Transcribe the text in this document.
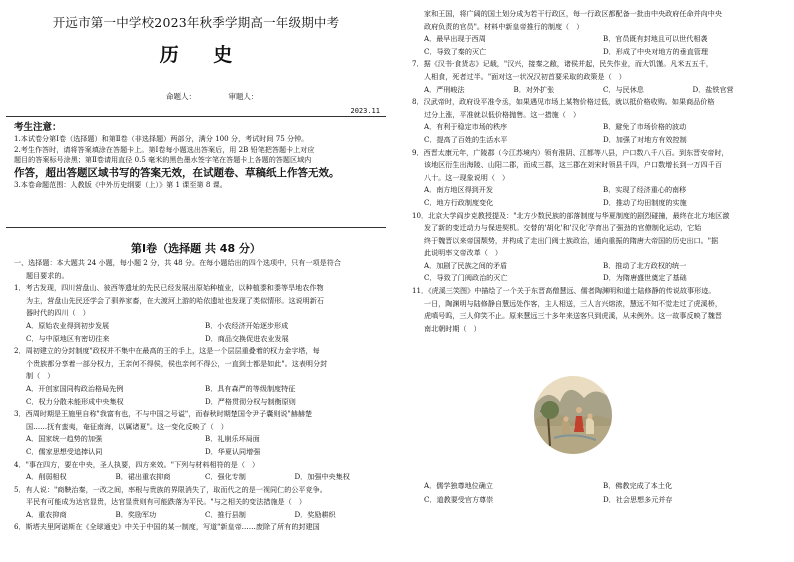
开远市第一中学校2023年秋季学期高一年级期中考
历 史
命题人：	审题人：
2023.11
考生注意：

1.本试卷分第Ⅰ卷（选择题）和第Ⅱ卷（非选择题）两部分，满分 100 分，考试时间 75 分钟。

2.考生作答时，请将答案填涂在答题卡上。第Ⅰ卷每小题选出答案后，用 2B 铅笔把答题卡上对应

题目的答案标号涂黑；第Ⅱ卷请用直径 0.5 毫米的黑色墨水签字笔在答题卡上各题的答题区域内

作答，超出答题区域书写的答案无效，在试题卷、草稿纸上作答无效。

3.本卷命题范围：人教版《中外历史纲要（上）》第 1 课至第 8 课。

第Ⅰ卷（选择题 共 48 分）

一、选择题：本大题共 24 小题，每小题 2 分，共 48 分。在每小题给出的四个选项中，只有一项是符合

题目要求的。

1．考古发现，四川营盘山、彼西等遗址的先民已经发展出原始种植业，以种植黍和黍等旱地农作物

为主，营盘山先民还学会了驯养家畜，在大渡河上游的哈依遗址也发现了类似情形。这说明新石

器时代的四川（　）

A．原始农业得到初步发展	B．小农经济开始逐步形成
C．与中原地区有密切往来	D．商品交换促进农业发展

2．周初建立的分封制度"政权并不集中在最高的王的手上，这是一个层层重叠着的权力金字塔，每

个贵族都分享着一部分权力，王亲何不得侯，侯也亲何不得公，一直到士都是如此"。这表明分封

制（　）

A．开创家国同构政治格局先例	B．具有森严的等级制度特征
C．权力分散未能形成中央集权	D．严格贯彻分权与制衡原则

3．西周时期是王施里自称"我富有也，不与中国之号谥"，而春秋时期楚国令尹子囊则说"赫赫楚

国……抚有蛮夷，奄征南海，以属诸夏"。这一变化反映了（　）

A．国家统一趋势的加强	B．礼崩乐坏局面
C．儒家思想受追捧认同	D．华夏认同增强

4．"事在四方，要在中央，圣人执要，四方来效。"下列与材料相符的是（　）

A．削弱相权	B．裙出重农抑商	C．强化专制	D．加强中央集权

5．有人说："商鞅治秦，一改之间，率根与贵族的界限消失了，取而代之的是一视同仁的公平竞争。

平民有可能成为达官显贵，达官显贵则有可能跌落为平民。"与之相关的变法措施是（　）

A．重农抑商	B．奖励军功	C．推行县制	D．奖励耕织

6．斯塔夫里阿诺斯在《全球通史》中关于中国的某一制度，写道"新皇帝……废除了所有的封建国

家和王国，将广阔的国土划分成为若干行政区，每一行政区都配备一批由中央政府任命并向中央

政府负责的官员"。材料中新皇帝推行的制度（　）

A．最早出现于西周	B．官员既有封地且可以世代相袭
C．导致了秦的灭亡	D．形成了中央对地方的垂直管理

7．据《汉书·食货志》记载，"汉兴，接秦之敝，诸侯并起，民失作业，而大饥馑。凡米五五千，

人相食，死者过半。"面对这一状况汉初首要采取的政策是（　）

A．严刑峻法	B．对外扩张	C．与民休息	D．盐铁官营

8．汉武帝时，政府设平准令丞，如果遇见市场上某物价格过低，就以抵价格收购。如果商品价格

过分上涨，平准就以低价格抛售。这一措施（　）

A．有利于稳定市场的秩序	B．避免了市场价格的波动
C．提高了百姓的生活水平	D．加强了对地方有效控制

9．西晋太康元年，广陵郡（今江苏境内）领有淮阴、江都等八县，户口数八千八百。到东晋安帝时，

该地区衍生出海陵、山阳二郡，而成三郡，这三郡在刘宋时领县千四，户口数增长到一万四千百

八十。这一现象说明（　）

A．南方地区得到开发	B．实现了经济重心的南移
C．地方行政制度变化	D．推动了均田制度的实施

10．北京大学阎步克教授提及："北方少数民族的部落制度与华夏制度的剧烈碰撞，最终在北方地区激

发了新的变迁动力与保进契机。交替的'胡化'和'汉化'孕育出了强劲的官僚制化运动，它始

终于魏晋以来帝国颓势，并构成了走出门阀士族政治，通向重振的隋唐大帝国的历史出口。"据

此说明率文帝改革（　）

A．加剧了民族之间的矛盾	B．推动了北方政权的统一
C．导致了门阀政治的灭亡	D．为隋唐盛世奠定了基础

11．《虎溪三笑图》中描绘了一个关于东晋高僧慧远、儒者陶渊明和道士陆修静的传说故事形迹。

一日，陶渊明与陆修静自慧远处作客，主人相送，三人言兴熔浓，慧远不知不觉走过了虎溪桥，

虎嗔号呜，三人仰笑不止。原来慧远三十多年来送客只到虎溪，从未例外。这一故事反映了魏晋

南北朝时期（　）

A．儒学独尊地位确立	B．佛教完成了本土化
C．道教要受官方尊崇	D．社会思想多元并存
